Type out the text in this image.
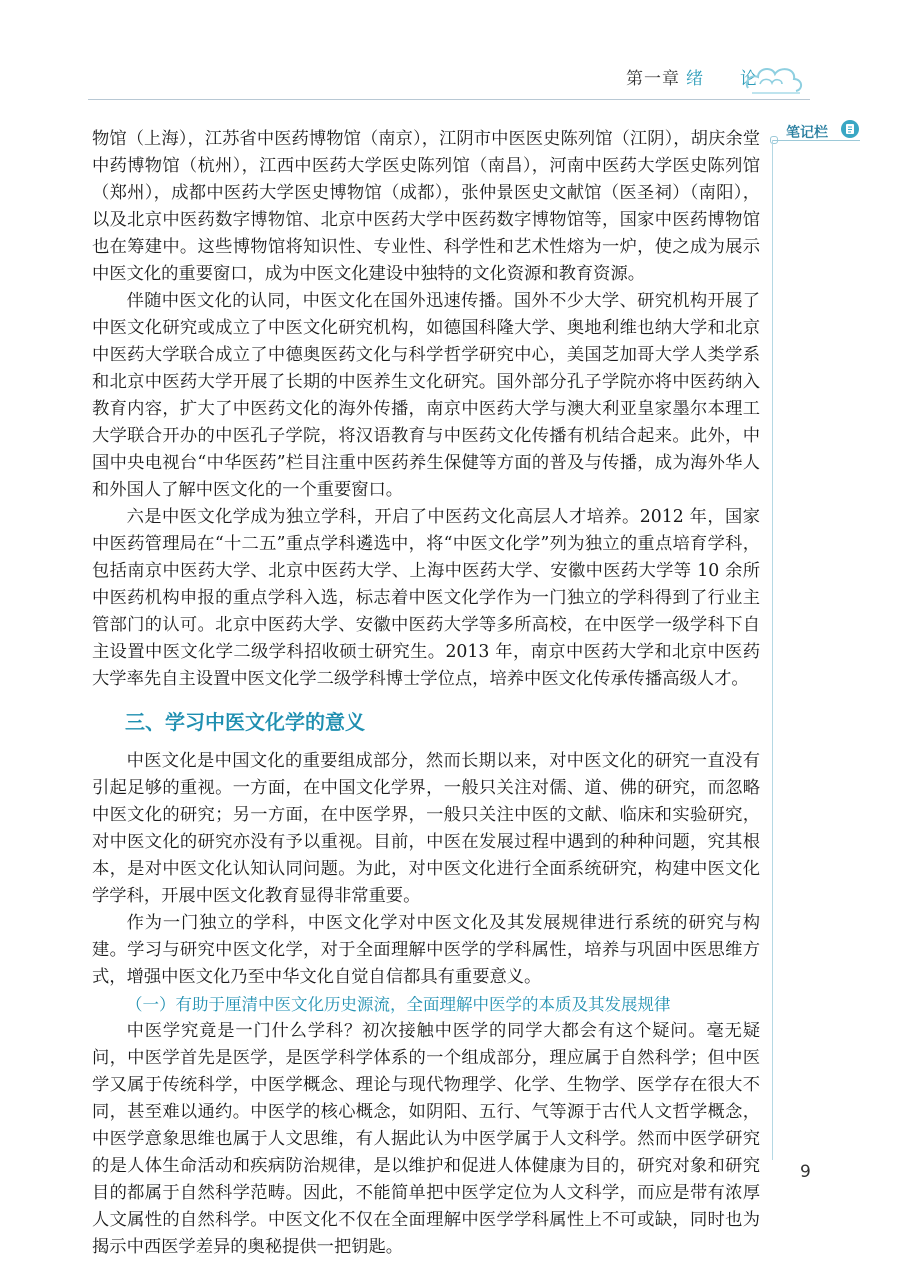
第一章 绪　论
笔记栏

物馆（上海），江苏省中医药博物馆（南京），江阴市中医医史陈列馆（江阴），胡庆余堂中药博物馆（杭州），江西中医药大学医史陈列馆（南昌），河南中医药大学医史陈列馆（郑州），成都中医药大学医史博物馆（成都），张仲景医史文献馆（医圣祠）（南阳），以及北京中医药数字博物馆、北京中医药大学中医药数字博物馆等，国家中医药博物馆也在筹建中。这些博物馆将知识性、专业性、科学性和艺术性熔为一炉，使之成为展示中医文化的重要窗口，成为中医文化建设中独特的文化资源和教育资源。

伴随中医文化的认同，中医文化在国外迅速传播。国外不少大学、研究机构开展了中医文化研究或成立了中医文化研究机构，如德国科隆大学、奥地利维也纳大学和北京中医药大学联合成立了中德奥医药文化与科学哲学研究中心，美国芝加哥大学人类学系和北京中医药大学开展了长期的中医养生文化研究。国外部分孔子学院亦将中医药纳入教育内容，扩大了中医药文化的海外传播，南京中医药大学与澳大利亚皇家墨尔本理工大学联合开办的中医孔子学院，将汉语教育与中医药文化传播有机结合起来。此外，中国中央电视台“中华医药”栏目注重中医药养生保健等方面的普及与传播，成为海外华人和外国人了解中医文化的一个重要窗口。

六是中医文化学成为独立学科，开启了中医药文化高层人才培养。2012 年，国家中医药管理局在“十二五”重点学科遴选中，将“中医文化学”列为独立的重点培育学科，包括南京中医药大学、北京中医药大学、上海中医药大学、安徽中医药大学等 10 余所中医药机构申报的重点学科入选，标志着中医文化学作为一门独立的学科得到了行业主管部门的认可。北京中医药大学、安徽中医药大学等多所高校，在中医学一级学科下自主设置中医文化学二级学科招收硕士研究生。2013 年，南京中医药大学和北京中医药大学率先自主设置中医文化学二级学科博士学位点，培养中医文化传承传播高级人才。

三、学习中医文化学的意义

中医文化是中国文化的重要组成部分，然而长期以来，对中医文化的研究一直没有引起足够的重视。一方面，在中国文化学界，一般只关注对儒、道、佛的研究，而忽略中医文化的研究；另一方面，在中医学界，一般只关注中医的文献、临床和实验研究，对中医文化的研究亦没有予以重视。目前，中医在发展过程中遇到的种种问题，究其根本，是对中医文化认知认同问题。为此，对中医文化进行全面系统研究，构建中医文化学学科，开展中医文化教育显得非常重要。

作为一门独立的学科，中医文化学对中医文化及其发展规律进行系统的研究与构建。学习与研究中医文化学，对于全面理解中医学的学科属性，培养与巩固中医思维方式，增强中医文化乃至中华文化自觉自信都具有重要意义。

（一）有助于厘清中医文化历史源流，全面理解中医学的本质及其发展规律

中医学究竟是一门什么学科？初次接触中医学的同学大都会有这个疑问。毫无疑问，中医学首先是医学，是医学科学体系的一个组成部分，理应属于自然科学；但中医学又属于传统科学，中医学概念、理论与现代物理学、化学、生物学、医学存在很大不同，甚至难以通约。中医学的核心概念，如阴阳、五行、气等源于古代人文哲学概念，中医学意象思维也属于人文思维，有人据此认为中医学属于人文科学。然而中医学研究的是人体生命活动和疾病防治规律，是以维护和促进人体健康为目的，研究对象和研究目的都属于自然科学范畴。因此，不能简单把中医学定位为人文科学，而应是带有浓厚人文属性的自然科学。中医文化不仅在全面理解中医学学科属性上不可或缺，同时也为揭示中西医学差异的奥秘提供一把钥匙。

9
